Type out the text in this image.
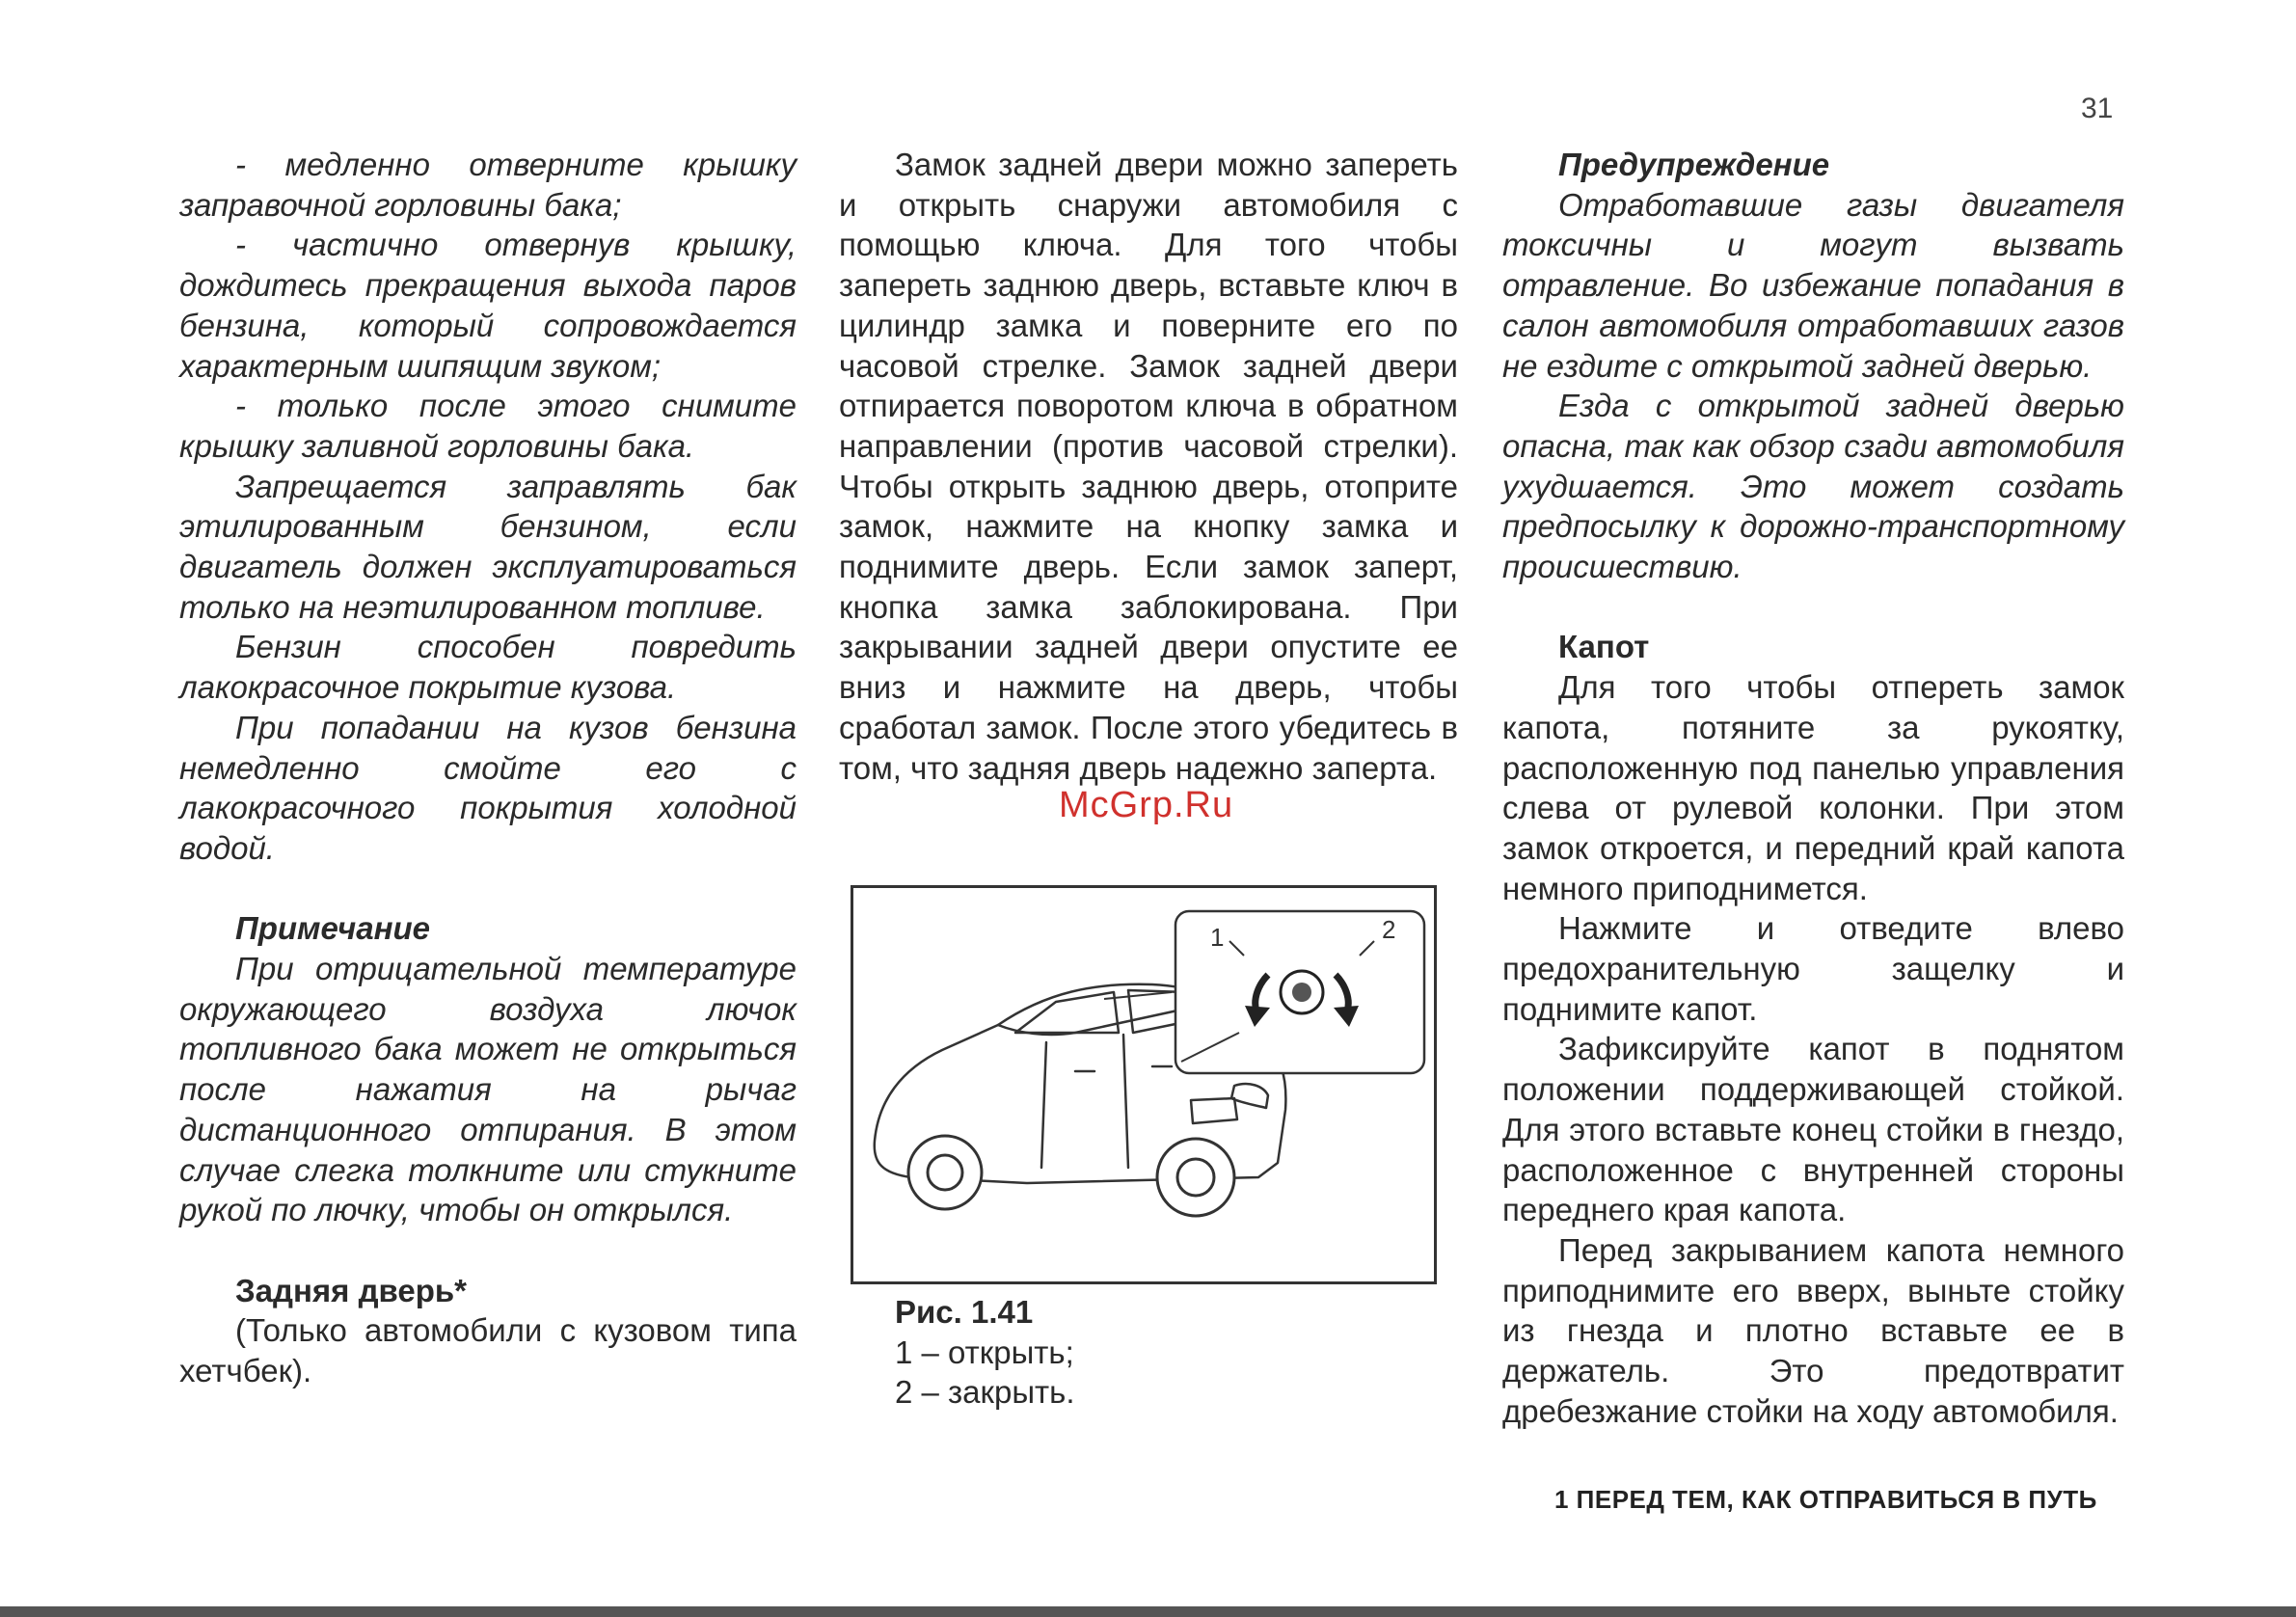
31

- медленно отверните крышку заправочной горловины бака;

- частично отвернув крышку, дождитесь прекращения выхода паров бензина, который сопровождается характерным шипящим звуком;

- только после этого снимите крышку заливной горловины бака.

Запрещается заправлять бак этилированным бензином, если двигатель должен эксплуатироваться только на неэтилированном топливе.

Бензин способен повредить лакокрасочное покрытие кузова.

При попадании на кузов бензина немедленно смойте его с лакокрасочного покрытия холодной водой.

Примечание

При отрицательной температуре окружающего воздуха лючок топливного бака может не открыться после нажатия на рычаг дистанционного отпирания. В этом случае слегка толкните или стукните рукой по лючку, чтобы он открылся.

Задняя дверь*

(Только автомобили с кузовом типа хетчбек).

Замок задней двери можно запереть и открыть снаружи автомобиля с помощью ключа. Для того чтобы запереть заднюю дверь, вставьте ключ в цилиндр замка и поверните его по часовой стрелке. Замок задней двери отпирается поворотом ключа в обратном направлении (против часовой стрелки). Чтобы открыть заднюю дверь, отоприте замок, нажмите на кнопку замка и поднимите дверь. Если замок заперт, кнопка замка заблокирована. При закрывании задней двери опустите ее вниз и нажмите на дверь, чтобы сработал замок. После этого убедитесь в том, что задняя дверь надежно заперта.

McGrp.Ru
1	2
Рис. 1.41
1 – открыть;
2 – закрыть.

Предупреждение

Отработавшие газы двигателя токсичны и могут вызвать отравление. Во избежание попадания в салон автомобиля отработавших газов не ездите с открытой задней дверью.

Езда с открытой задней дверью опасна, так как обзор сзади автомобиля ухудшается. Это может создать предпосылку к дорожно-транспортному происшествию.

Капот

Для того чтобы отпереть замок капота, потяните за рукоятку, расположенную под панелью управления слева от рулевой колонки. При этом замок откроется, и передний край капота немного приподнимется.

Нажмите и отведите влево предохранительную защелку и поднимите капот.

Зафиксируйте капот в поднятом положении поддерживающей стойкой. Для этого вставьте конец стойки в гнездо, расположенное с внутренней стороны переднего края капота.

Перед закрыванием капота немного приподнимите его вверх, выньте стойку из гнезда и плотно вставьте ее в держатель. Это предотвратит дребезжание стойки на ходу автомобиля.

1 ПЕРЕД ТЕМ, КАК ОТПРАВИТЬСЯ В ПУТЬ
